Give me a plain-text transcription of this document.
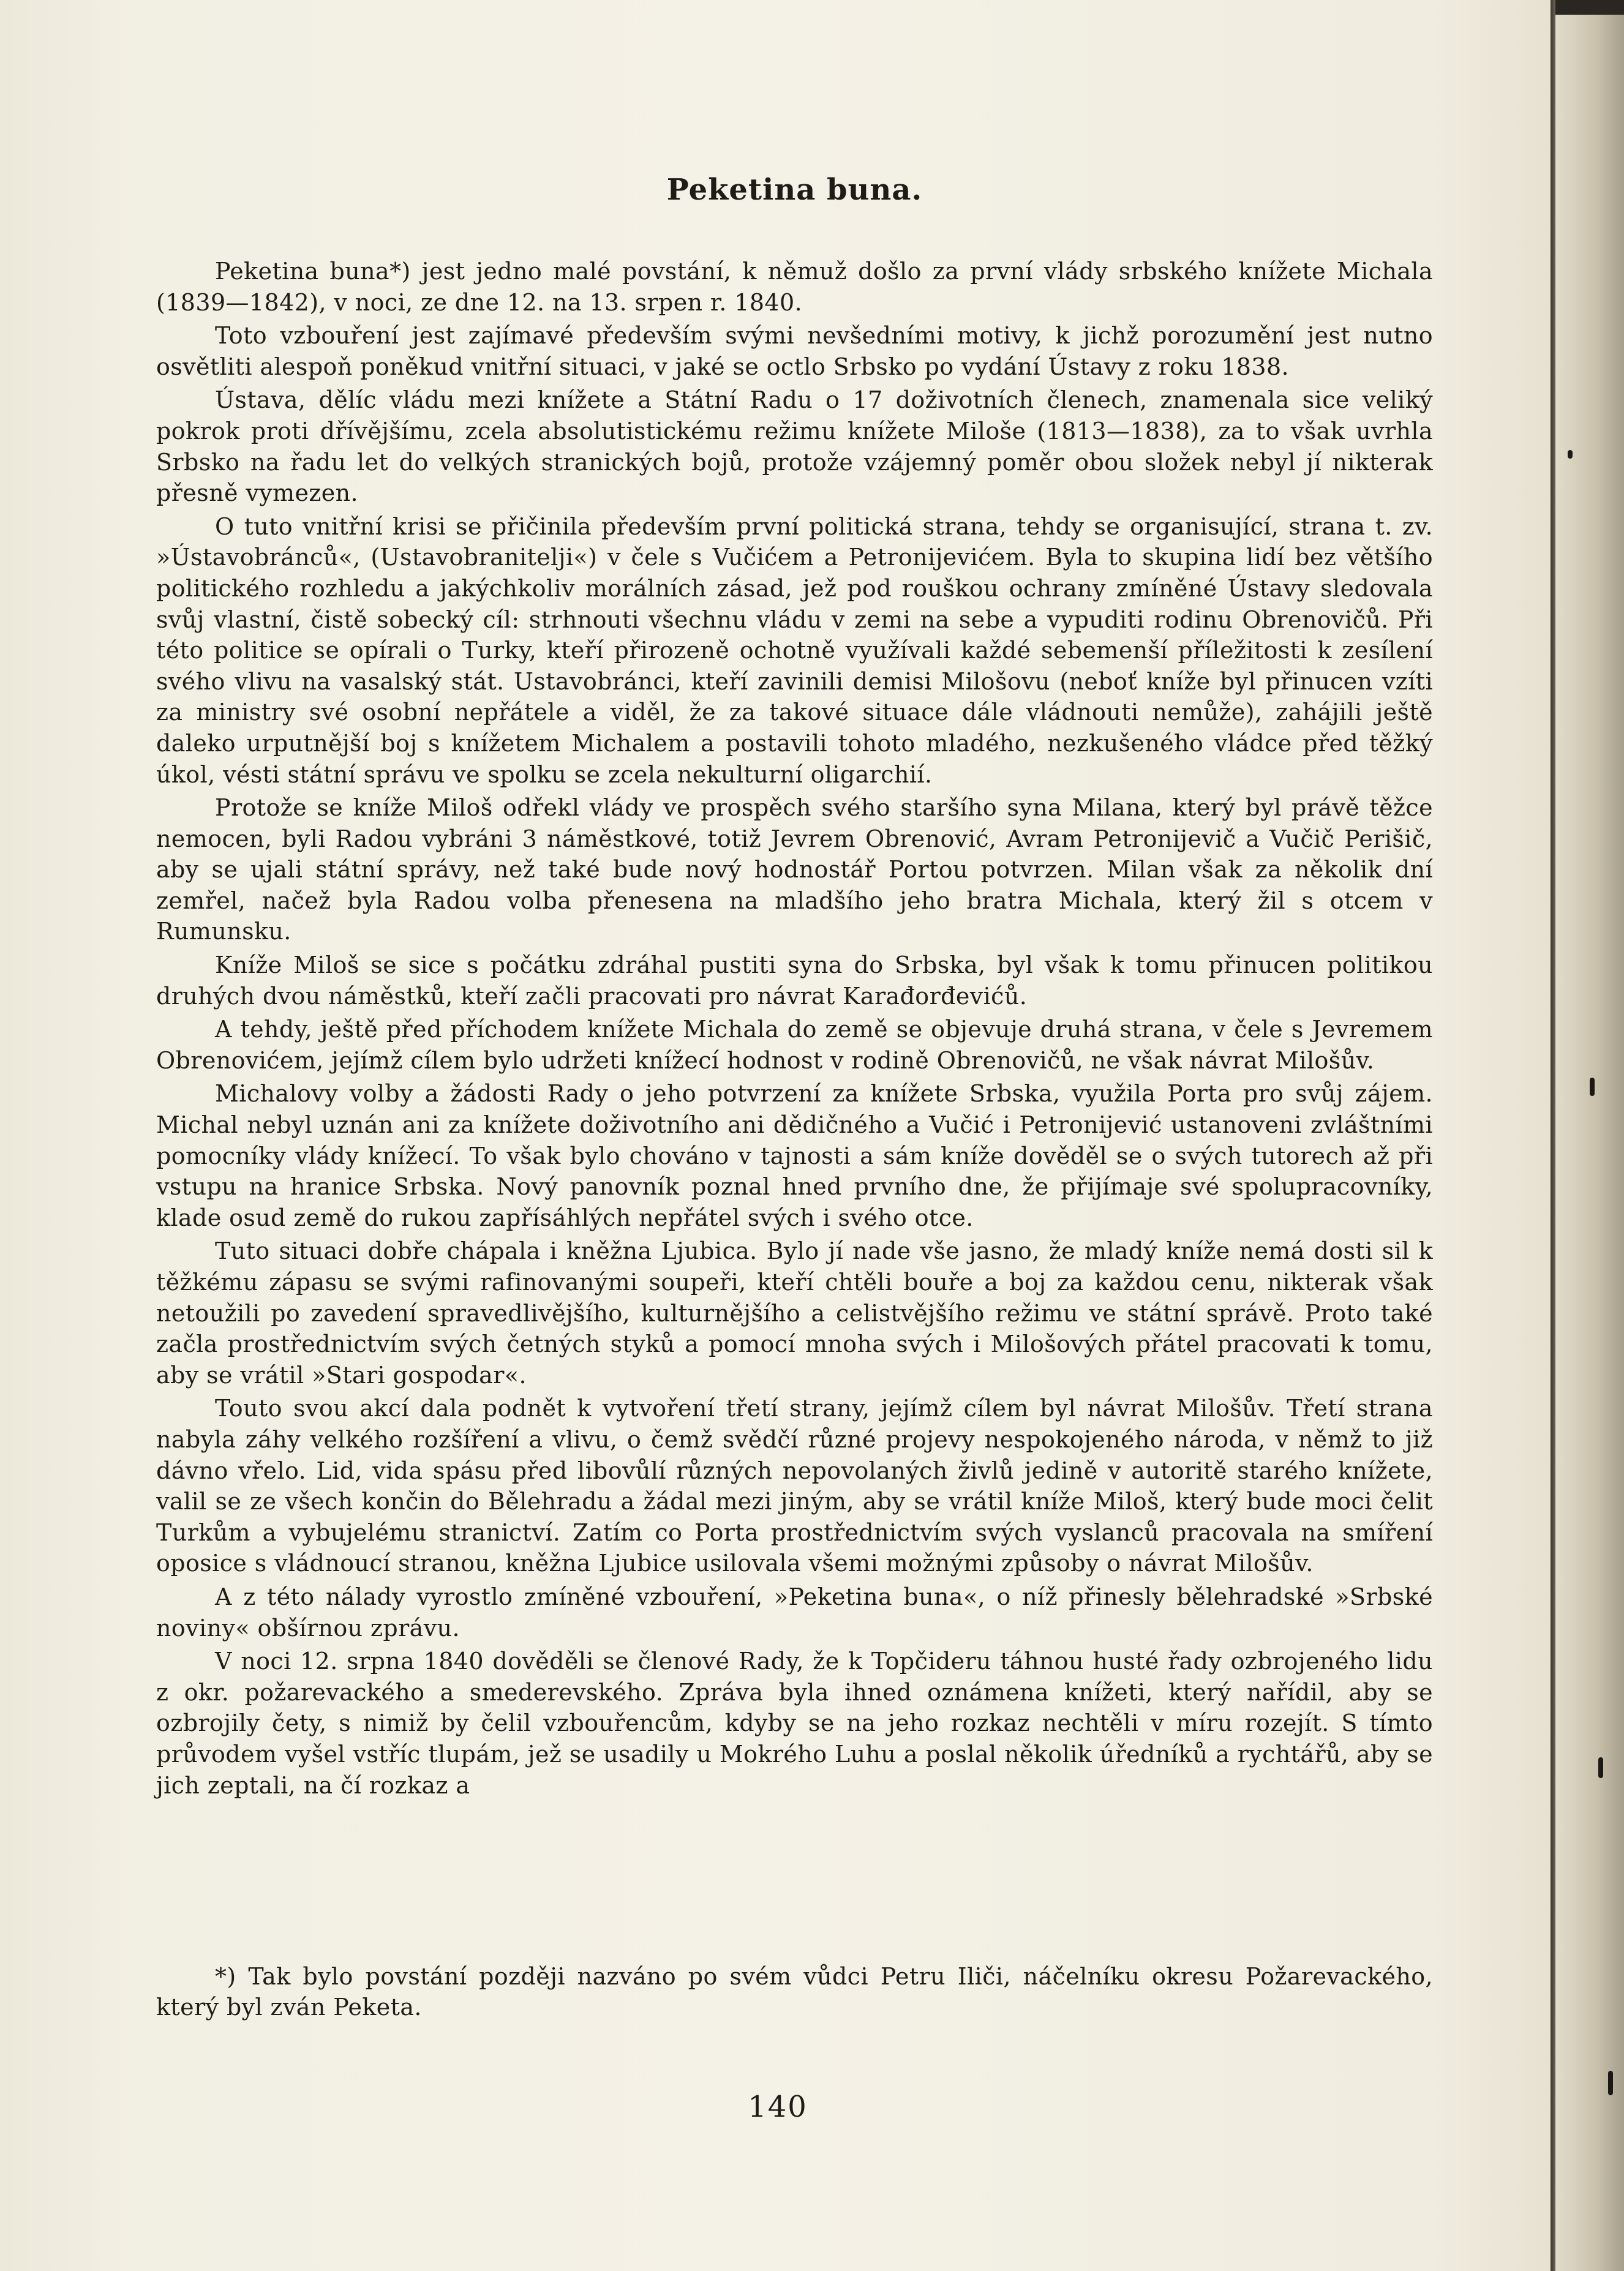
Peketina buna.

Peketina buna*) jest jedno malé povstání, k němuž došlo za první vlády srbského knížete Michala (1839—1842), v noci, ze dne 12. na 13. srpen r. 1840.

Toto vzbouření jest zajímavé především svými nevšedními motivy, k jichž porozumění jest nutno osvětliti alespoň poněkud vnitřní situaci, v jaké se octlo Srbsko po vydání Ústavy z roku 1838.

Ústava, dělíc vládu mezi knížete a Státní Radu o 17 doživotních členech, znamenala sice veliký pokrok proti dřívějšímu, zcela absolutistickému režimu knížete Miloše (1813—1838), za to však uvrhla Srbsko na řadu let do velkých stranických bojů, protože vzájemný poměr obou složek nebyl jí nikterak přesně vymezen.

O tuto vnitřní krisi se přičinila především první politická strana, tehdy se organisující, strana t. zv. »Ústavobránců«, (Ustavobranitelji«) v čele s Vučićem a Petronijevićem. Byla to skupina lidí bez většího politického rozhledu a jakýchkoliv morálních zásad, jež pod rouškou ochrany zmíněné Ústavy sledovala svůj vlastní, čistě sobecký cíl: strhnouti všechnu vládu v zemi na sebe a vypuditi rodinu Obrenovičů. Při této politice se opírali o Turky, kteří přirozeně ochotně využívali každé sebemenší příležitosti k zesílení svého vlivu na vasalský stát. Ustavobránci, kteří zavinili demisi Milošovu (neboť kníže byl přinucen vzíti za ministry své osobní nepřátele a viděl, že za takové situace dále vládnouti nemůže), zahájili ještě daleko urputnější boj s knížetem Michalem a postavili tohoto mladého, nezkušeného vládce před těžký úkol, vésti státní správu ve spolku se zcela nekulturní oligarchií.

Protože se kníže Miloš odřekl vlády ve prospěch svého staršího syna Milana, který byl právě těžce nemocen, byli Radou vybráni 3 náměstkové, totiž Jevrem Obrenović, Avram Petronijevič a Vučič Perišič, aby se ujali státní správy, než také bude nový hodnostář Portou potvrzen. Milan však za několik dní zemřel, načež byla Radou volba přenesena na mladšího jeho bratra Michala, který žil s otcem v Rumunsku.

Kníže Miloš se sice s počátku zdráhal pustiti syna do Srbska, byl však k tomu přinucen politikou druhých dvou náměstků, kteří začli pracovati pro návrat Karađorđevićů.

A tehdy, ještě před příchodem knížete Michala do země se objevuje druhá strana, v čele s Jevremem Obrenovićem, jejímž cílem bylo udržeti knížecí hodnost v rodině Obrenovičů, ne však návrat Milošův.

Michalovy volby a žádosti Rady o jeho potvrzení za knížete Srbska, využila Porta pro svůj zájem. Michal nebyl uznán ani za knížete doživotního ani dědičného a Vučić i Petronijević ustanoveni zvláštními pomocníky vlády knížecí. To však bylo chováno v tajnosti a sám kníže dověděl se o svých tutorech až při vstupu na hranice Srbska. Nový panovník poznal hned prvního dne, že přijímaje své spolupracovníky, klade osud země do rukou zapřísáhlých nepřátel svých i svého otce.

Tuto situaci dobře chápala i kněžna Ljubica. Bylo jí nade vše jasno, že mladý kníže nemá dosti sil k těžkému zápasu se svými rafinovanými soupeři, kteří chtěli bouře a boj za každou cenu, nikterak však netoužili po zavedení spravedlivějšího, kulturnějšího a celistvějšího režimu ve státní správě. Proto také začla prostřednictvím svých četných styků a pomocí mnoha svých i Milošových přátel pracovati k tomu, aby se vrátil »Stari gospodar«.

Touto svou akcí dala podnět k vytvoření třetí strany, jejímž cílem byl návrat Milošův. Třetí strana nabyla záhy velkého rozšíření a vlivu, o čemž svědčí různé projevy nespokojeného národa, v němž to již dávno vřelo. Lid, vida spásu před libovůlí různých nepovolaných živlů jedině v autoritě starého knížete, valil se ze všech končin do Bělehradu a žádal mezi jiným, aby se vrátil kníže Miloš, který bude moci čelit Turkům a vybujelému stranictví. Zatím co Porta prostřednictvím svých vyslanců pracovala na smíření oposice s vládnoucí stranou, kněžna Ljubice usilovala všemi možnými způsoby o návrat Milošův.

A z této nálady vyrostlo zmíněné vzbouření, »Peketina buna«, o níž přinesly bělehradské »Srbské noviny« obšírnou zprávu.

V noci 12. srpna 1840 dověděli se členové Rady, že k Topčideru táhnou husté řady ozbrojeného lidu z okr. požarevackého a smederevského. Zpráva byla ihned oznámena knížeti, který nařídil, aby se ozbrojily čety, s nimiž by čelil vzbouřencům, kdyby se na jeho rozkaz nechtěli v míru rozejít. S tímto průvodem vyšel vstříc tlupám, jež se usadily u Mokrého Luhu a poslal několik úředníků a rychtářů, aby se jich zeptali, na čí rozkaz a

*) Tak bylo povstání později nazváno po svém vůdci Petru Iliči, náčelníku okresu Požarevackého, který byl zván Peketa.

140
